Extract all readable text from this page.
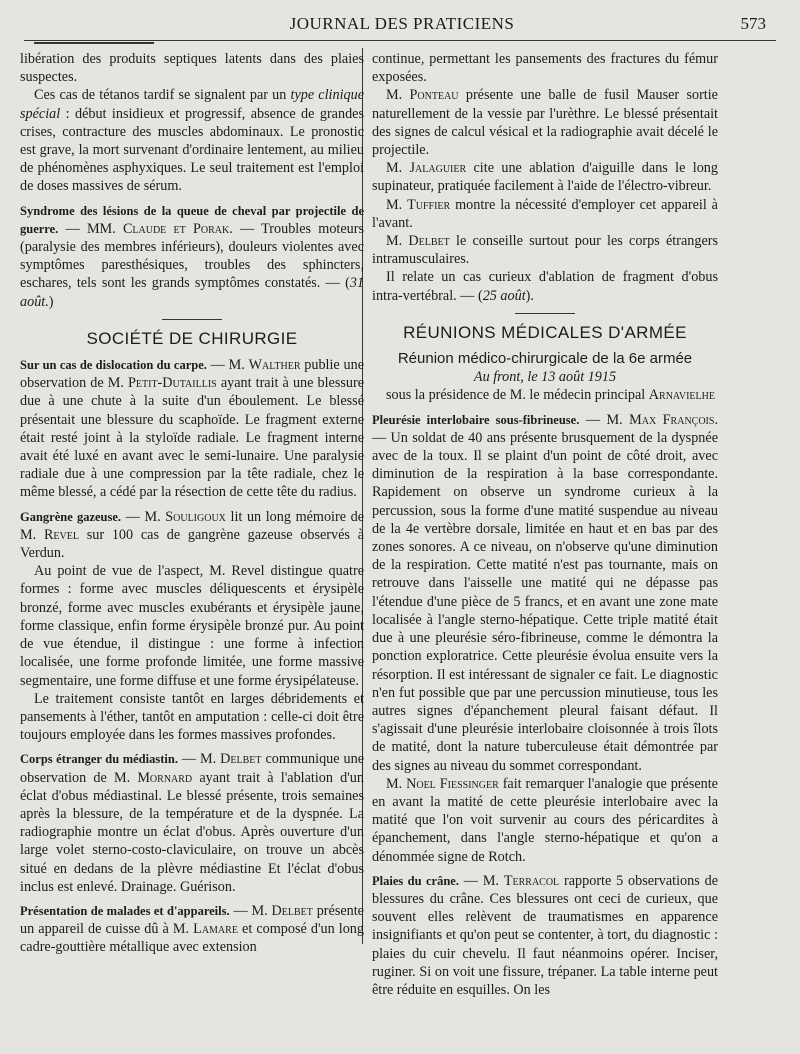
JOURNAL DES PRATICIENS	573

libération des produits septiques latents dans des plaies suspectes.

Ces cas de tétanos tardif se signalent par un type clinique spécial : début insidieux et progressif, absence de grandes crises, contracture des muscles abdominaux. Le pronostic est grave, la mort survenant d'ordinaire lentement, au milieu de phénomènes asphyxiques. Le seul traitement est l'emploi de doses massives de sérum.

Syndrome des lésions de la queue de cheval par projectile de guerre. — MM. Claude et Porak. — Troubles moteurs (paralysie des membres inférieurs), douleurs violentes avec symptômes paresthésiques, troubles des sphincters, eschares, tels sont les grands symptômes constatés. — (31 août.)

SOCIÉTÉ DE CHIRURGIE

Sur un cas de dislocation du carpe. — M. Walther publie une observation de M. Petit-Dutaillis ayant trait à une blessure due à une chute à la suite d'un éboulement. Le blessé présentait une blessure du scaphoïde. Le fragment externe était resté joint à la styloïde radiale. Le fragment interne avait été luxé en avant avec le semi-lunaire. Une paralysie radiale due à une compression par la tête radiale, chez le même blessé, a cédé par la résection de cette tête du radius.

Gangrène gazeuse. — M. Souligoux lit un long mémoire de M. Revel sur 100 cas de gangrène gazeuse observés à Verdun.

Au point de vue de l'aspect, M. Revel distingue quatre formes : forme avec muscles déliquescents et érysipèle bronzé, forme avec muscles exubérants et érysipèle jaune, forme classique, enfin forme érysipèle bronzé pur. Au point de vue étendue, il distingue : une forme à infection localisée, une forme profonde limitée, une forme massive segmentaire, une forme diffuse et une forme érysipélateuse.

Le traitement consiste tantôt en larges débridements et pansements à l'éther, tantôt en amputation : celle-ci doit être toujours employée dans les formes massives profondes.

Corps étranger du médiastin. — M. Delbet communique une observation de M. Mornard ayant trait à l'ablation d'un éclat d'obus médiastinal. Le blessé présente, trois semaines après la blessure, de la température et de la dyspnée. La radiographie montre un éclat d'obus. Après ouverture d'un large volet sterno-costo-claviculaire, on trouve un abcès situé en dedans de la plèvre médiastine Et l'éclat d'obus inclus est enlevé. Drainage. Guérison.

Présentation de malades et d'appareils. — M. Delbet présente un appareil de cuisse dû à M. Lamare et composé d'un long cadre-gouttière métallique avec extension

continue, permettant les pansements des fractures du fémur exposées.

M. Ponteau présente une balle de fusil Mauser sortie naturellement de la vessie par l'urèthre. Le blessé présentait des signes de calcul vésical et la radiographie avait décelé le projectile.

M. Jalaguier cite une ablation d'aiguille dans le long supinateur, pratiquée facilement à l'aide de l'électro-vibreur.

M. Tuffier montre la nécessité d'employer cet appareil à l'avant.

M. Delbet le conseille surtout pour les corps étrangers intramusculaires.

Il relate un cas curieux d'ablation de fragment d'obus intra-vertébral. — (25 août).

RÉUNIONS MÉDICALES D'ARMÉE
Réunion médico-chirurgicale de la 6e armée

Au front, le 13 août 1915

sous la présidence de M. le médecin principal Arnavielhe

Pleurésie interlobaire sous-fibrineuse. — M. Max François. — Un soldat de 40 ans présente brusquement de la dyspnée avec de la toux. Il se plaint d'un point de côté droit, avec diminution de la respiration à la base correspondante. Rapidement on observe un syndrome curieux à la percussion, sous la forme d'une matité suspendue au niveau de la 4e vertèbre dorsale, limitée en haut et en bas par des zones sonores. A ce niveau, on n'observe qu'une diminution de la respiration. Cette matité n'est pas tournante, mais on retrouve dans l'aisselle une matité qui ne dépasse pas l'étendue d'une pièce de 5 francs, et en avant une zone mate localisée à l'angle sterno-hépatique. Cette triple matité était due à une pleurésie séro-fibrineuse, comme le démontra la ponction exploratrice. Cette pleurésie évolua ensuite vers la résorption. Il est intéressant de signaler ce fait. Le diagnostic n'en fut possible que par une percussion minutieuse, tous les autres signes d'épanchement pleural faisant défaut. Il s'agissait d'une pleurésie interlobaire cloisonnée à trois îlots de matité, dont la nature tuberculeuse était démontrée par des signes au niveau du sommet correspondant.

M. Noel Fiessinger fait remarquer l'analogie que présente en avant la matité de cette pleurésie interlobaire avec la matité que l'on voit survenir au cours des péricardites à épanchement, dans l'angle sterno-hépatique et qu'on a dénommée signe de Rotch.

Plaies du crâne. — M. Terracol rapporte 5 observations de blessures du crâne. Ces blessures ont ceci de curieux, que souvent elles relèvent de traumatismes en apparence insignifiants et qu'on peut se contenter, à tort, du diagnostic : plaies du cuir chevelu. Il faut néanmoins opérer. Inciser, ruginer. Si on voit une fissure, trépaner. La table interne peut être réduite en esquilles. On les
